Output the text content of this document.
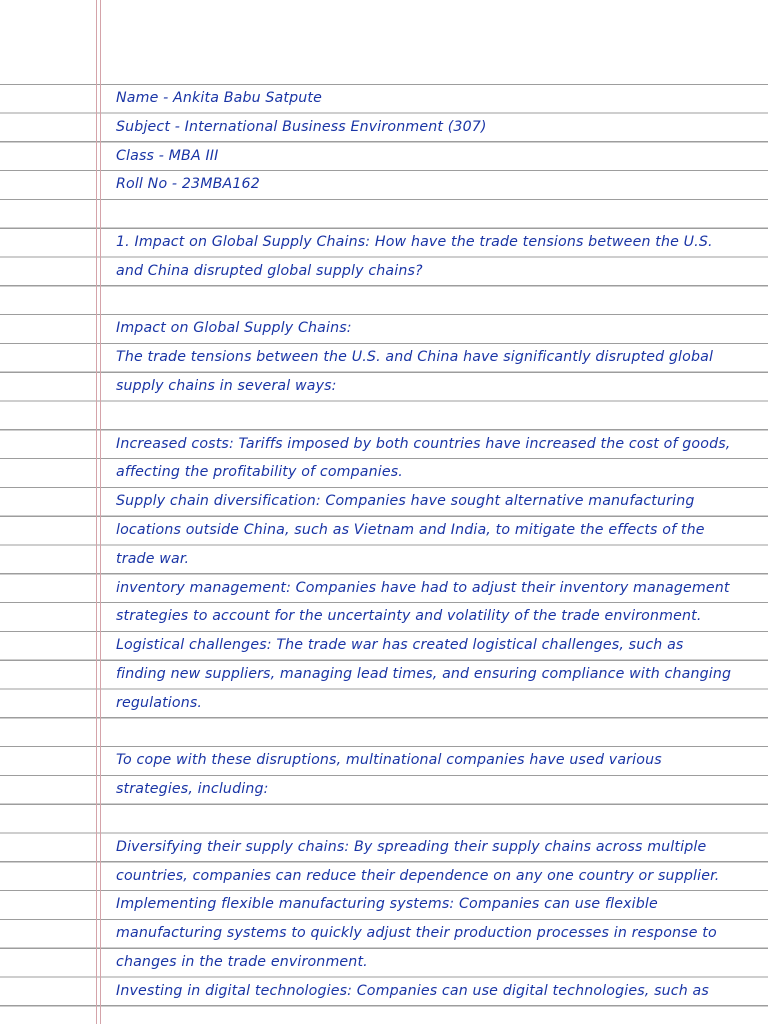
Name - Ankita Babu Satpute
Subject - International Business Environment (307)
Class - MBA III
Roll No - 23MBA162
1. Impact on Global Supply Chains: How have the trade tensions between the U.S.
and China disrupted global supply chains?
Impact on Global Supply Chains:
The trade tensions between the U.S. and China have significantly disrupted global
supply chains in several ways:
Increased costs: Tariffs imposed by both countries have increased the cost of goods,
affecting the profitability of companies.
Supply chain diversification: Companies have sought alternative manufacturing
locations outside China, such as Vietnam and India, to mitigate the effects of the
trade war.
inventory management: Companies have had to adjust their inventory management
strategies to account for the uncertainty and volatility of the trade environment.
Logistical challenges: The trade war has created logistical challenges, such as
finding new suppliers, managing lead times, and ensuring compliance with changing
regulations.
To cope with these disruptions, multinational companies have used various
strategies, including:
Diversifying their supply chains: By spreading their supply chains across multiple
countries, companies can reduce their dependence on any one country or supplier.
Implementing flexible manufacturing systems: Companies can use flexible
manufacturing systems to quickly adjust their production processes in response to
changes in the trade environment.
Investing in digital technologies: Companies can use digital technologies, such as
